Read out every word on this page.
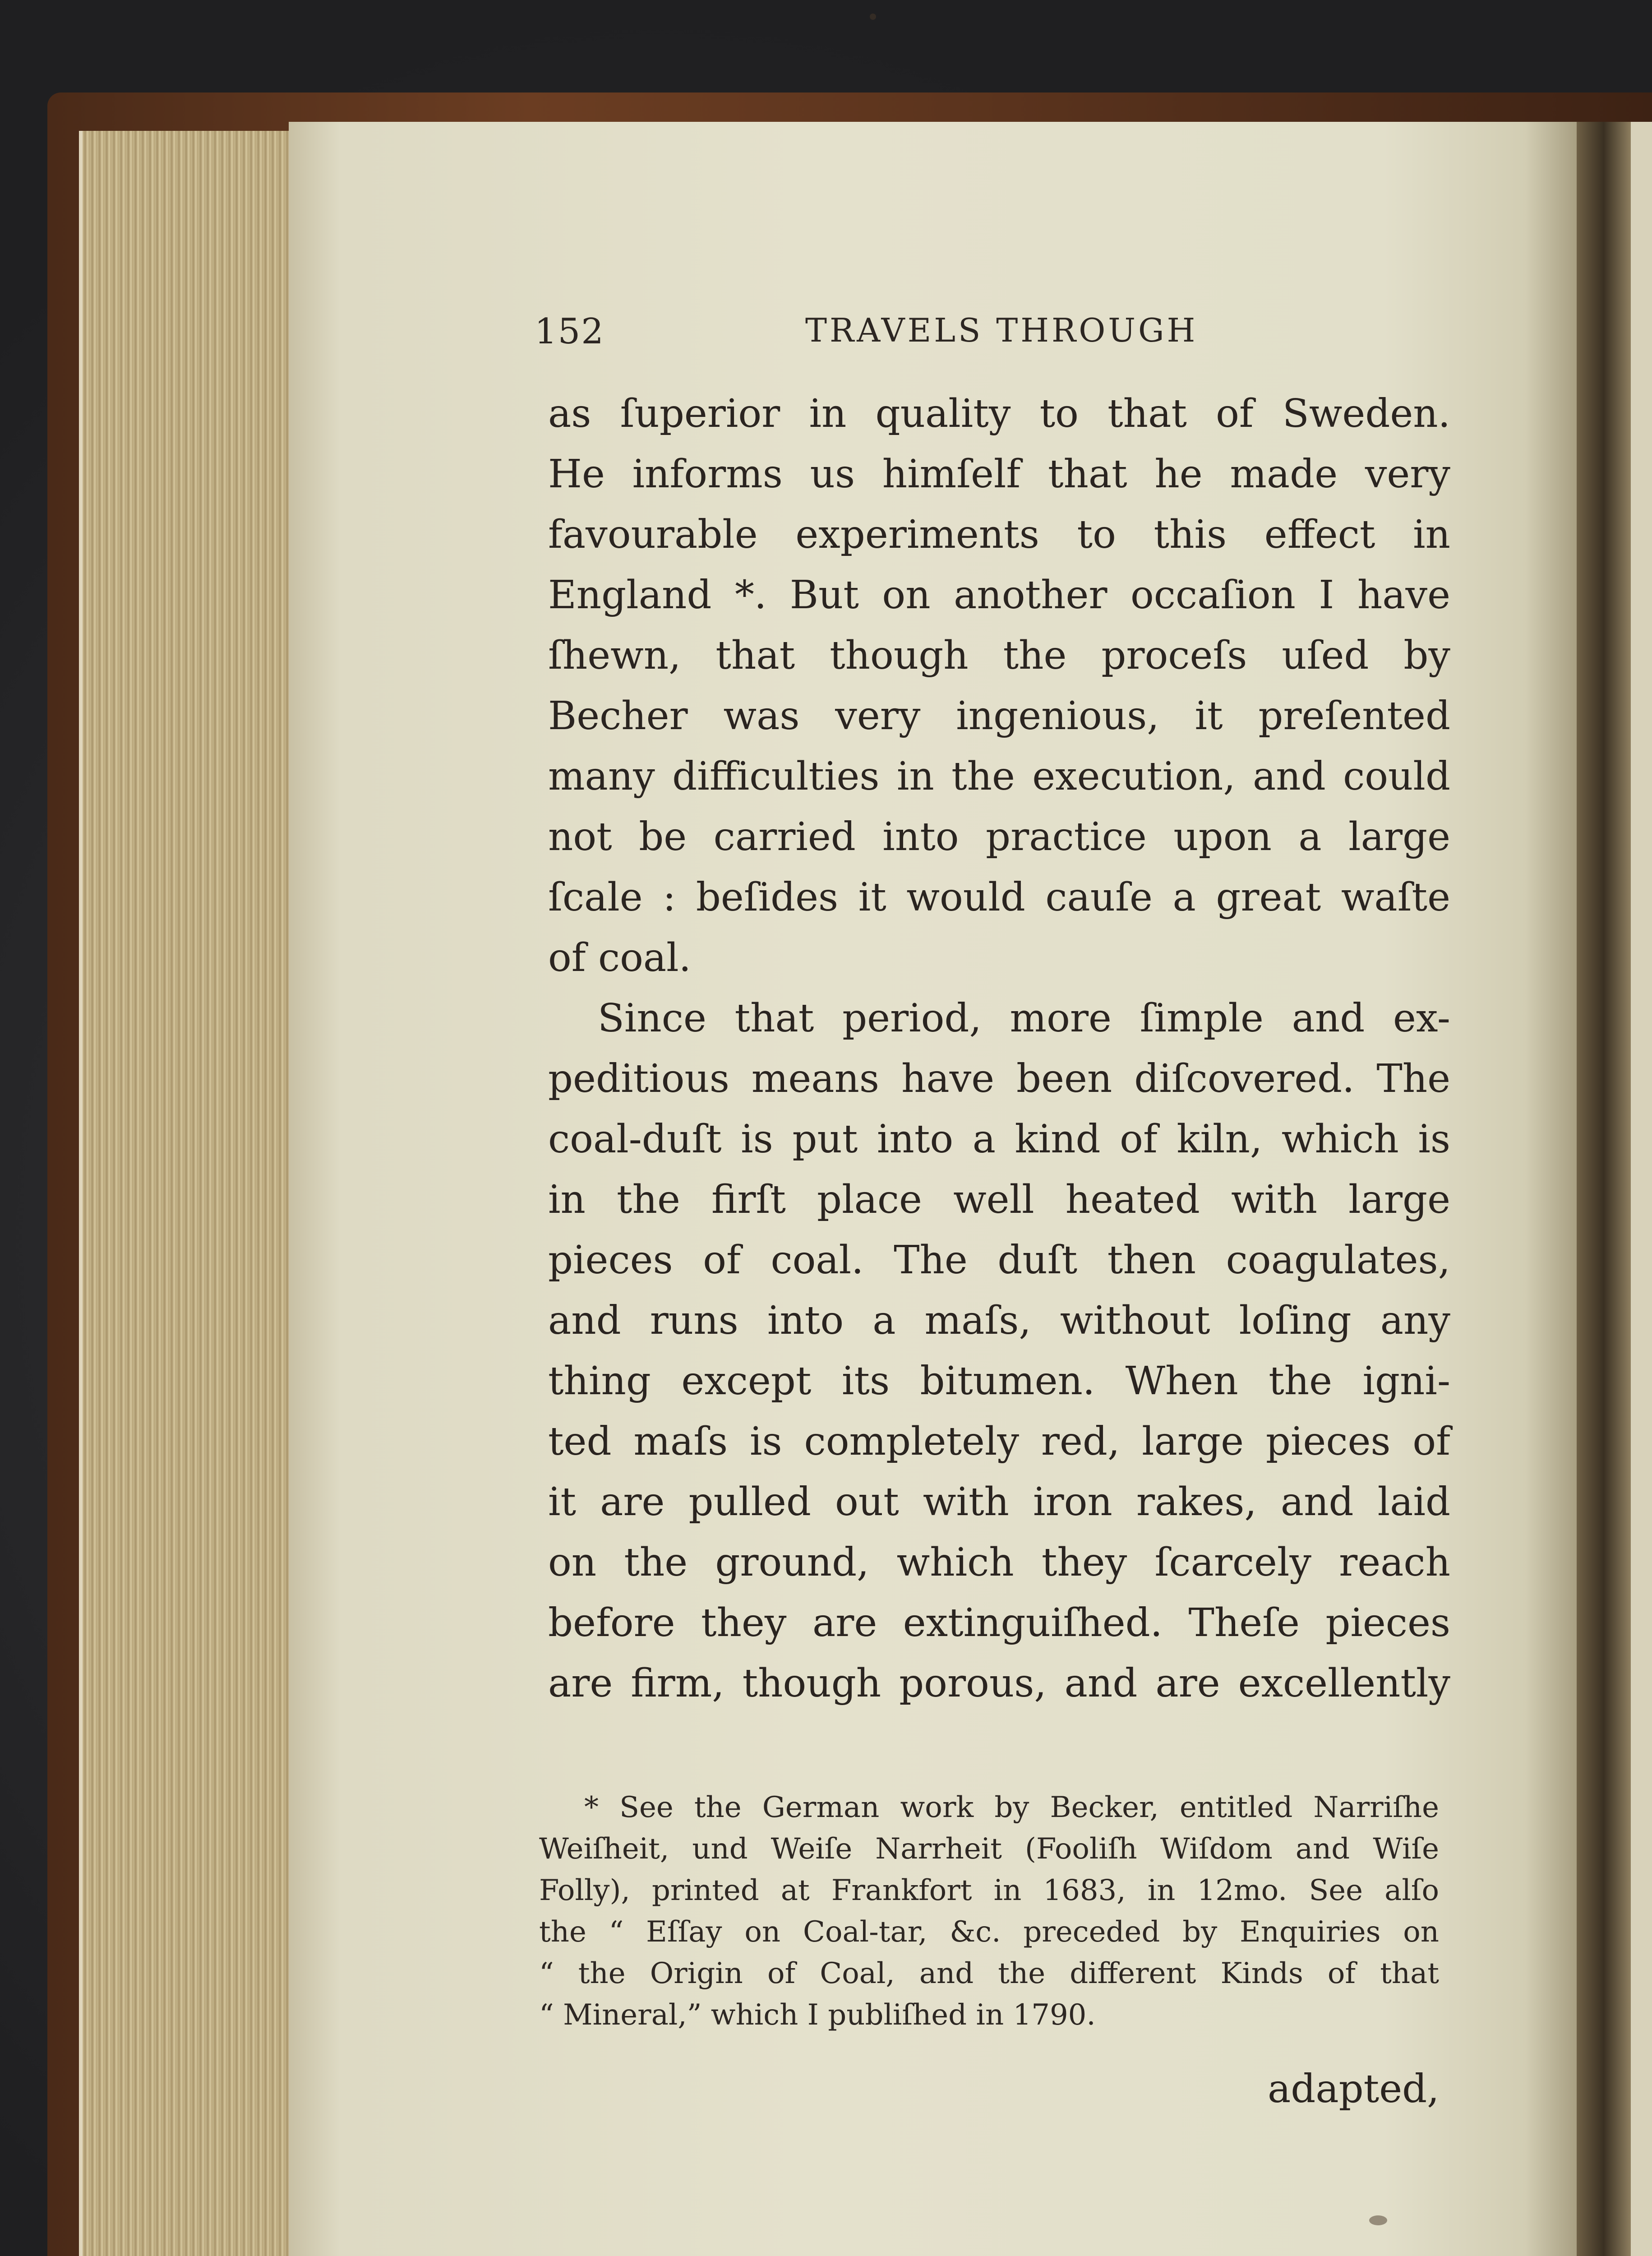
152	TRAVELS THROUGH
as ſuperior in quality to that of Sweden.
He informs us himſelf that he made very
favourable experiments to this effect in
England *. But on another occaſion I have
ſhewn, that though the proceſs uſed by
Becher was very ingenious, it preſented
many difficulties in the execution, and could
not be carried into practice upon a large
ſcale : beſides it would cauſe a great waſte
of coal.
Since that period, more ſimple and ex-
peditious means have been diſcovered. The
coal-duſt is put into a kind of kiln, which is
in the firſt place well heated with large
pieces of coal. The duſt then coagulates,
and runs into a maſs, without loſing any
thing except its bitumen. When the igni-
ted maſs is completely red, large pieces of
it are pulled out with iron rakes, and laid
on the ground, which they ſcarcely reach
before they are extinguiſhed. Theſe pieces
are firm, though porous, and are excellently
* See the German work by Becker, entitled Narriſhe
Weiſheit, und Weiſe Narrheit (Fooliſh Wiſdom and Wiſe
Folly), printed at Frankfort in 1683, in 12mo. See alſo
the “ Eſſay on Coal-tar, &c. preceded by Enquiries on
“ the Origin of Coal, and the different Kinds of that
“ Mineral,” which I publiſhed in 1790.
adapted,
